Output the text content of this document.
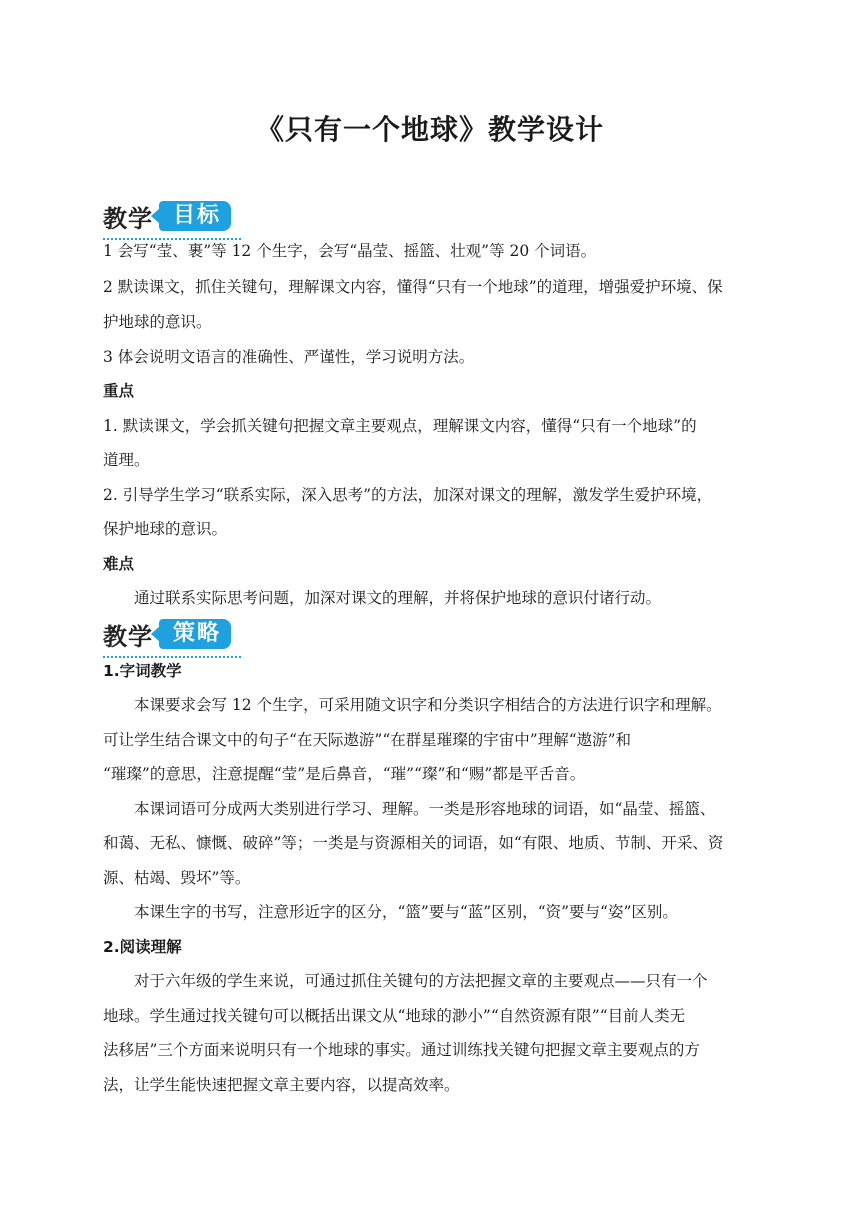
《只有一个地球》教学设计
教学 目标

1 会写“莹、裹”等 12 个生字，会写“晶莹、摇篮、壮观”等 20 个词语。

2 默读课文，抓住关键句，理解课文内容，懂得“只有一个地球”的道理，增强爱护环境、保

护地球的意识。

3 体会说明文语言的准确性、严谨性，学习说明方法。

重点

1. 默读课文，学会抓关键句把握文章主要观点，理解课文内容，懂得“只有一个地球”的

道理。

2. 引导学生学习“联系实际，深入思考”的方法，加深对课文的理解，激发学生爱护环境，

保护地球的意识。

难点

通过联系实际思考问题，加深对课文的理解，并将保护地球的意识付诸行动。

教学 策略

1.字词教学

本课要求会写 12 个生字，可采用随文识字和分类识字相结合的方法进行识字和理解。

可让学生结合课文中的句子“在天际遨游”“在群星璀璨的宇宙中”理解“遨游”和

“璀璨”的意思，注意提醒“莹”是后鼻音，“璀”“璨”和“赐”都是平舌音。

本课词语可分成两大类别进行学习、理解。一类是形容地球的词语，如“晶莹、摇篮、

和蔼、无私、慷慨、破碎”等；一类是与资源相关的词语，如“有限、地质、节制、开采、资

源、枯竭、毁坏”等。

本课生字的书写，注意形近字的区分，“篮”要与“蓝”区别，“资”要与“姿”区别。

2.阅读理解

对于六年级的学生来说，可通过抓住关键句的方法把握文章的主要观点——只有一个

地球。学生通过找关键句可以概括出课文从“地球的渺小”“自然资源有限”“目前人类无

法移居”三个方面来说明只有一个地球的事实。通过训练找关键句把握文章主要观点的方

法，让学生能快速把握文章主要内容，以提高效率。
